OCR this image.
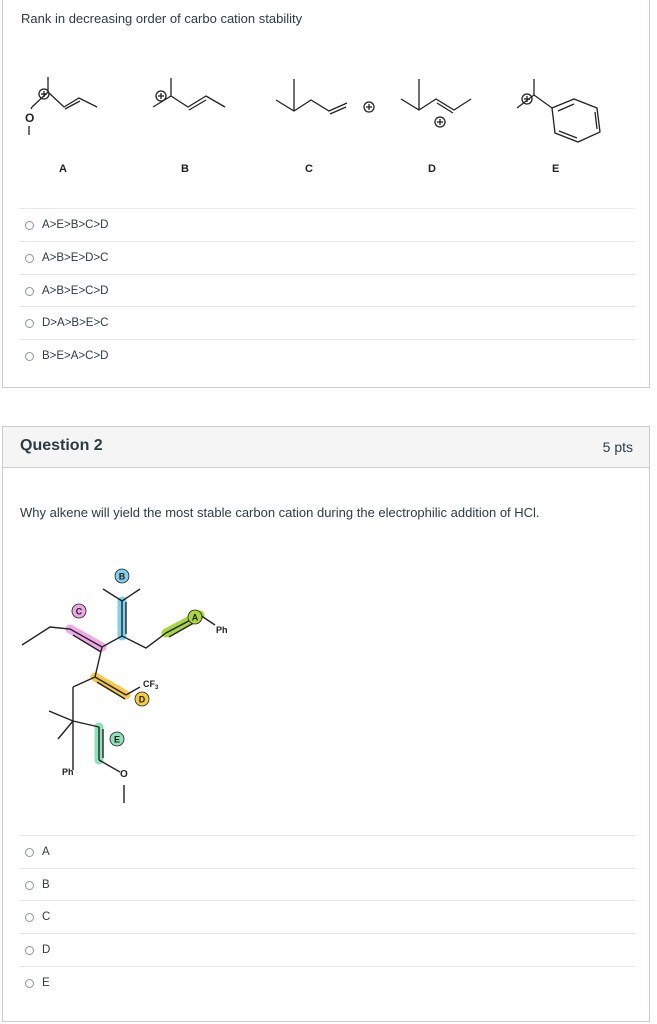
Rank in decreasing order of carbo cation stability
O
A	B	C	D	E
A>E>B>C>D
A>B>E>D>C
A>B>E>C>D
D>A>B>E>C
B>E>A>C>D
Question 2	5 pts
Why alkene will yield the most stable carbon cation during the electrophilic addition of HCl.
B
C
A
D
E
Ph
$CF_3$
Ph	O
A
B
C
D
E
